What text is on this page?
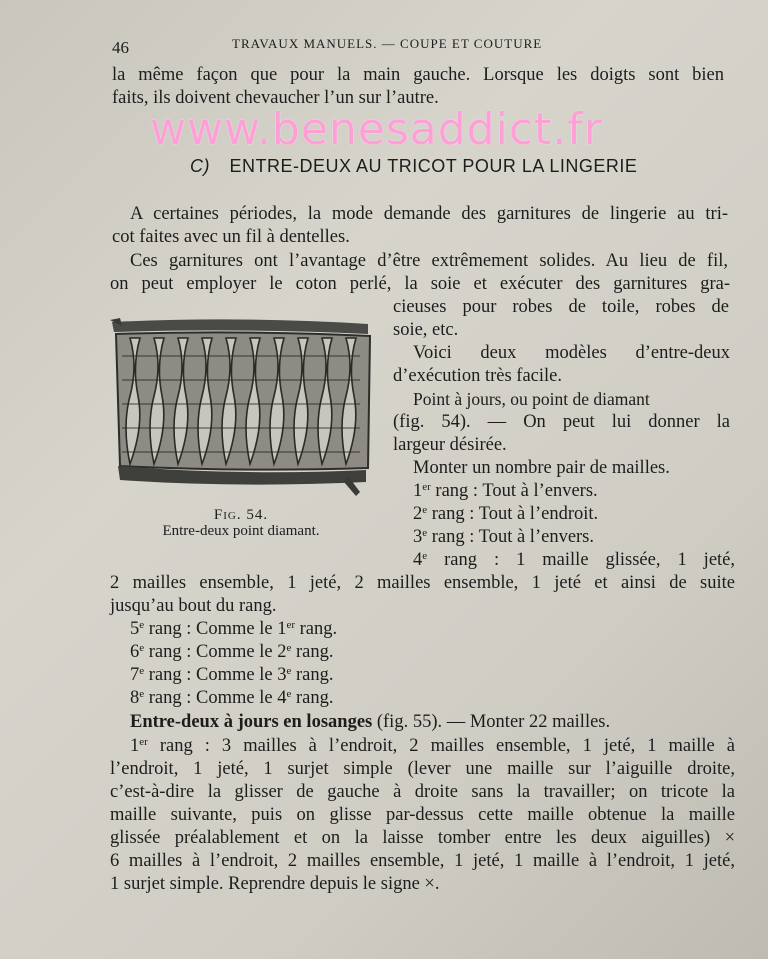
46	TRAVAUX MANUELS. — COUPE ET COUTURE
la même façon que pour la main gauche. Lorsque les doigts sont bien
faits, ils doivent chevaucher l’un sur l’autre.
www.benesaddict.fr
C) ENTRE-DEUX AU TRICOT POUR LA LINGERIE
A certaines périodes, la mode demande des garnitures de lingerie au tri-
cot faites avec un fil à dentelles.
Ces garnitures ont l’avantage d’être extrêmement solides. Au lieu de fil,
on peut employer le coton perlé, la soie et exécuter des garnitures gra-
cieuses pour robes de toile, robes de
soie, etc.
Voici deux modèles d’entre-deux
d’exécution très facile.
Point à jours, ou point de diamant
(fig. 54). — On peut lui donner la
largeur désirée.
Monter un nombre pair de mailles.
1er rang : Tout à l’envers.
2e rang : Tout à l’endroit.
3e rang : Tout à l’envers.
4e rang : 1 maille glissée, 1 jeté,
2 mailles ensemble, 1 jeté, 2 mailles ensemble, 1 jeté et ainsi de suite
jusqu’au bout du rang.
5e rang : Comme le 1er rang.
6e rang : Comme le 2e rang.
7e rang : Comme le 3e rang.
8e rang : Comme le 4e rang.
Entre-deux à jours en losanges (fig. 55). — Monter 22 mailles.
1er rang : 3 mailles à l’endroit, 2 mailles ensemble, 1 jeté, 1 maille à
l’endroit, 1 jeté, 1 surjet simple (lever une maille sur l’aiguille droite,
c’est-à-dire la glisser de gauche à droite sans la travailler; on tricote la
maille suivante, puis on glisse par-dessus cette maille obtenue la maille
glissée préalablement et on la laisse tomber entre les deux aiguilles) ×
6 mailles à l’endroit, 2 mailles ensemble, 1 jeté, 1 maille à l’endroit, 1 jeté,
1 surjet simple. Reprendre depuis le signe ×.
Fig. 54.
Entre-deux point diamant.
